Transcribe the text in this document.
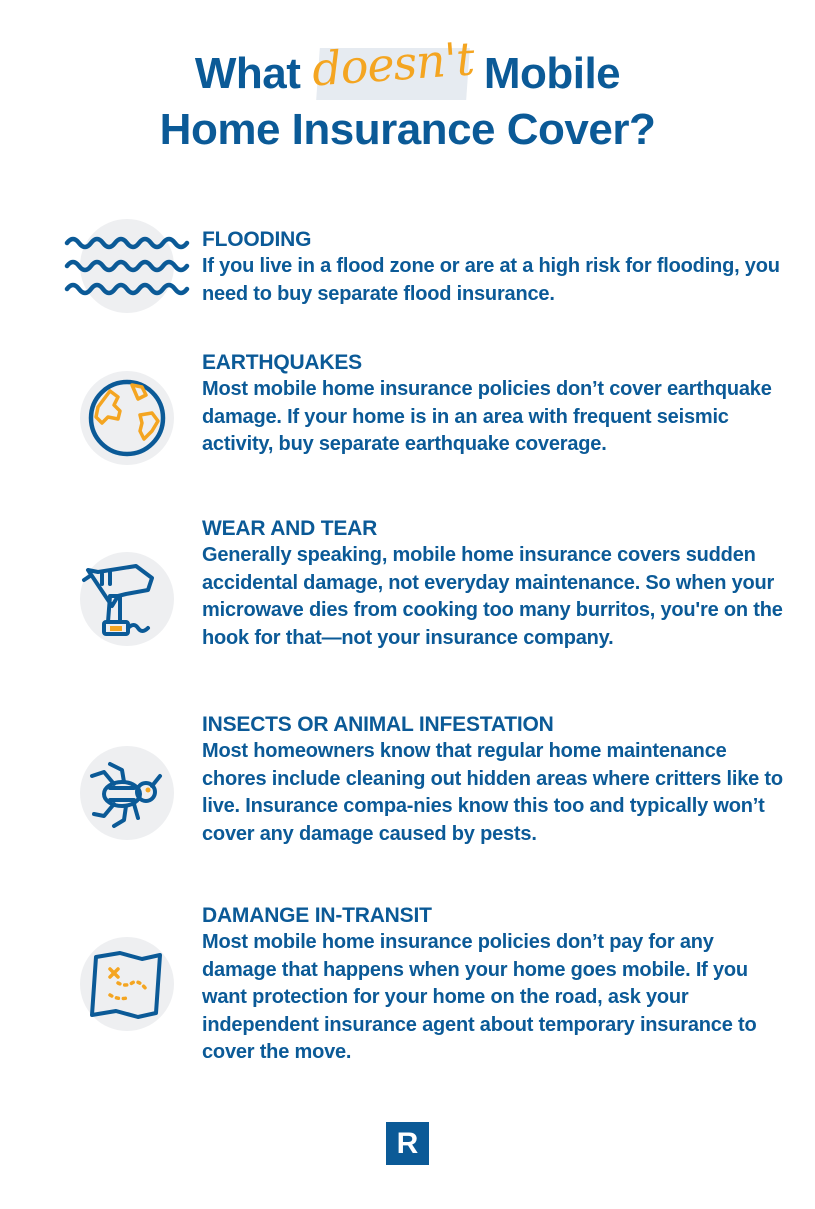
What doesn't Mobile
Home Insurance Cover?
FLOODING
If you live in a flood zone or are at a high risk for flooding, you need to buy separate flood insurance.
EARTHQUAKES
Most mobile home insurance policies don’t cover earthquake damage. If your home is in an area with frequent seismic activity, buy separate earthquake coverage.
WEAR AND TEAR
Generally speaking, mobile home insurance covers sudden accidental damage, not everyday maintenance. So when your microwave dies from cooking too many burritos, you're on the hook for that—not your insurance company.
INSECTS OR ANIMAL INFESTATION
Most homeowners know that regular home maintenance chores include cleaning out hidden areas where critters like to live. Insurance compa-nies know this too and typically won’t cover any damage caused by pests.
DAMANGE IN-TRANSIT
Most mobile home insurance policies don’t pay for any damage that happens when your home goes mobile. If you want protection for your home on the road, ask your independent insurance agent about temporary insurance to cover the move.
R
